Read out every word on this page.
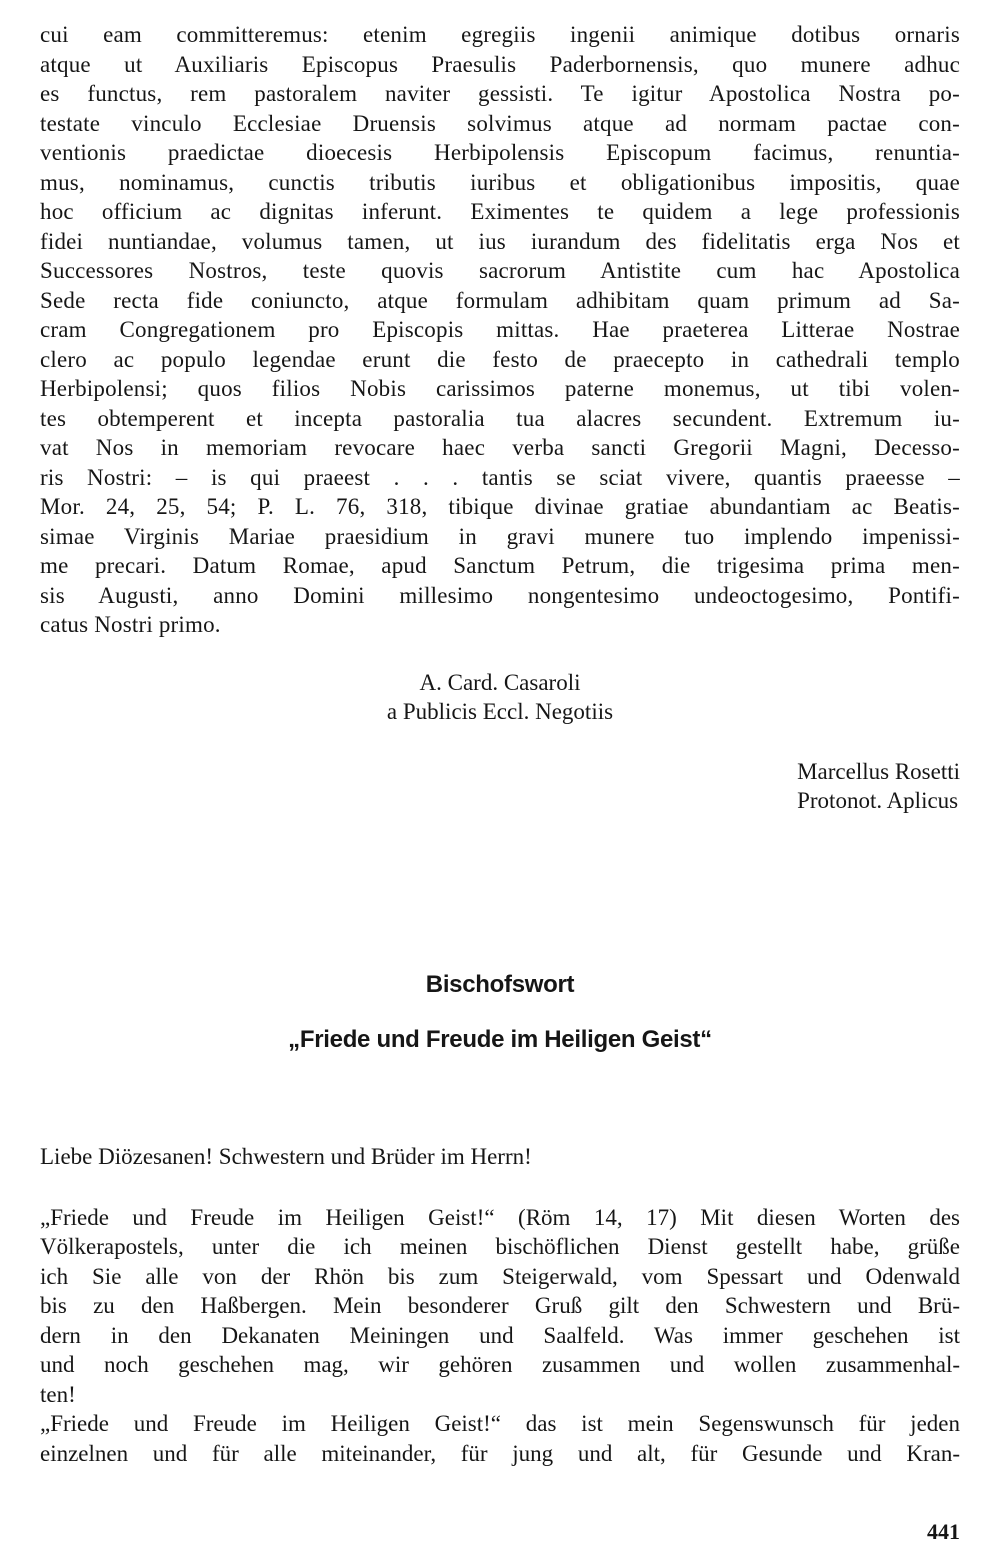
cui eam committeremus: etenim egregiis ingenii animique dotibus ornaris
atque ut Auxiliaris Episcopus Praesulis Paderbornensis, quo munere adhuc
es functus, rem pastoralem naviter gessisti. Te igitur Apostolica Nostra po-
testate vinculo Ecclesiae Druensis solvimus atque ad normam pactae con-
ventionis praedictae dioecesis Herbipolensis Episcopum facimus, renuntia-
mus, nominamus, cunctis tributis iuribus et obligationibus impositis, quae
hoc officium ac dignitas inferunt. Eximentes te quidem a lege professionis
fidei nuntiandae, volumus tamen, ut ius iurandum des fidelitatis erga Nos et
Successores Nostros, teste quovis sacrorum Antistite cum hac Apostolica
Sede recta fide coniuncto, atque formulam adhibitam quam primum ad Sa-
cram Congregationem pro Episcopis mittas. Hae praeterea Litterae Nostrae
clero ac populo legendae erunt die festo de praecepto in cathedrali templo
Herbipolensi; quos filios Nobis carissimos paterne monemus, ut tibi volen-
tes obtemperent et incepta pastoralia tua alacres secundent. Extremum iu-
vat Nos in memoriam revocare haec verba sancti Gregorii Magni, Decesso-
ris Nostri: – is qui praeest . . . tantis se sciat vivere, quantis praeesse –
Mor. 24, 25, 54; P. L. 76, 318, tibique divinae gratiae abundantiam ac Beatis-
simae Virginis Mariae praesidium in gravi munere tuo implendo impenissi-
me precari. Datum Romae, apud Sanctum Petrum, die trigesima prima men-
sis Augusti, anno Domini millesimo nongentesimo undeoctogesimo, Pontifi-
catus Nostri primo.
A. Card. Casaroli
a Publicis Eccl. Negotiis
Marcellus Rosetti
Protonot. Aplicus
Bischofswort
„Friede und Freude im Heiligen Geist“
Liebe Diözesanen! Schwestern und Brüder im Herrn!
„Friede und Freude im Heiligen Geist!“ (Röm 14, 17) Mit diesen Worten des
Völkerapostels, unter die ich meinen bischöflichen Dienst gestellt habe, grüße
ich Sie alle von der Rhön bis zum Steigerwald, vom Spessart und Odenwald
bis zu den Haßbergen. Mein besonderer Gruß gilt den Schwestern und Brü-
dern in den Dekanaten Meiningen und Saalfeld. Was immer geschehen ist
und noch geschehen mag, wir gehören zusammen und wollen zusammenhal-
ten!
„Friede und Freude im Heiligen Geist!“ das ist mein Segenswunsch für jeden
einzelnen und für alle miteinander, für jung und alt, für Gesunde und Kran-
441
